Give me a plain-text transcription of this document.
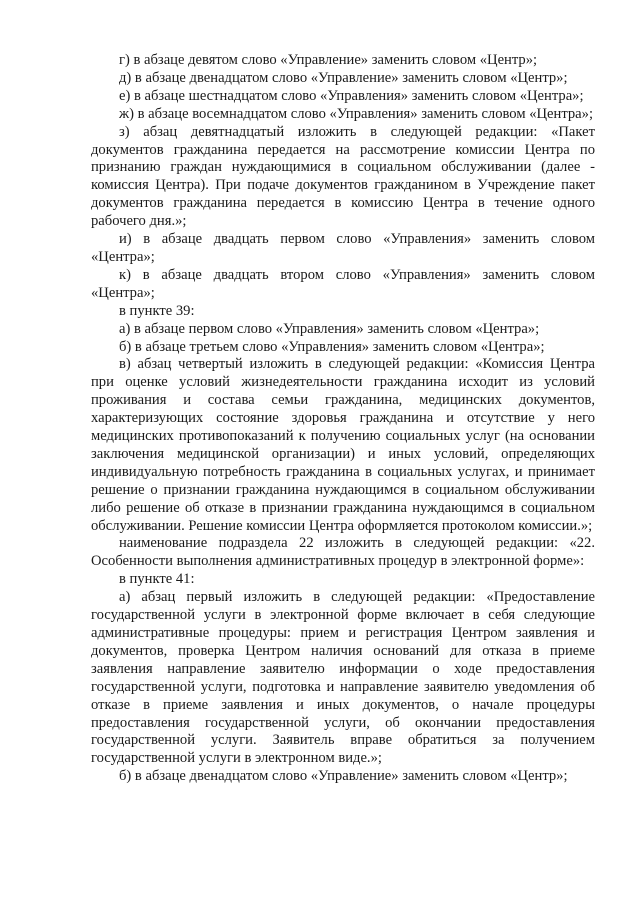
г) в абзаце девятом слово «Управление» заменить словом «Центр»;

д) в абзаце двенадцатом слово «Управление» заменить словом «Центр»;

е) в абзаце шестнадцатом слово «Управления» заменить словом «Центра»;

ж) в абзаце восемнадцатом слово «Управления» заменить словом «Центра»;

з) абзац девятнадцатый изложить в следующей редакции: «Пакет документов гражданина передается на рассмотрение комиссии Центра по признанию граждан нуждающимися в социальном обслуживании (далее - комиссия Центра). При подаче документов гражданином в Учреждение пакет документов гражданина передается в комиссию Центра в течение одного рабочего дня.»;

и) в абзаце двадцать первом слово «Управления» заменить словом «Центра»;

к) в абзаце двадцать втором слово «Управления» заменить словом «Центра»;

в пункте 39:

а) в абзаце первом слово «Управления» заменить словом «Центра»;

б) в абзаце третьем слово «Управления» заменить словом «Центра»;

в) абзац четвертый изложить в следующей редакции: «Комиссия Центра при оценке условий жизнедеятельности гражданина исходит из условий проживания и состава семьи гражданина, медицинских документов, характеризующих состояние здоровья гражданина и отсутствие у него медицинских противопоказаний к получению социальных услуг (на основании заключения медицинской организации) и иных условий, определяющих индивидуальную потребность гражданина в социальных услугах, и принимает решение о признании гражданина нуждающимся в социальном обслуживании либо решение об отказе в признании гражданина нуждающимся в социальном обслуживании. Решение комиссии Центра оформляется протоколом комиссии.»;

наименование подраздела 22 изложить в следующей редакции: «22. Особенности выполнения административных процедур в электронной форме»:

в пункте 41:

а) абзац первый изложить в следующей редакции: «Предоставление государственной услуги в электронной форме включает в себя следующие административные процедуры: прием и регистрация Центром заявления и документов, проверка Центром наличия оснований для отказа в приеме заявления направление заявителю информации о ходе предоставления государственной услуги, подготовка и направление заявителю уведомления об отказе в приеме заявления и иных документов, о начале процедуры предоставления государственной услуги, об окончании предоставления государственной услуги. Заявитель вправе обратиться за получением государственной услуги в электронном виде.»;

б) в абзаце двенадцатом слово «Управление» заменить словом «Центр»;
